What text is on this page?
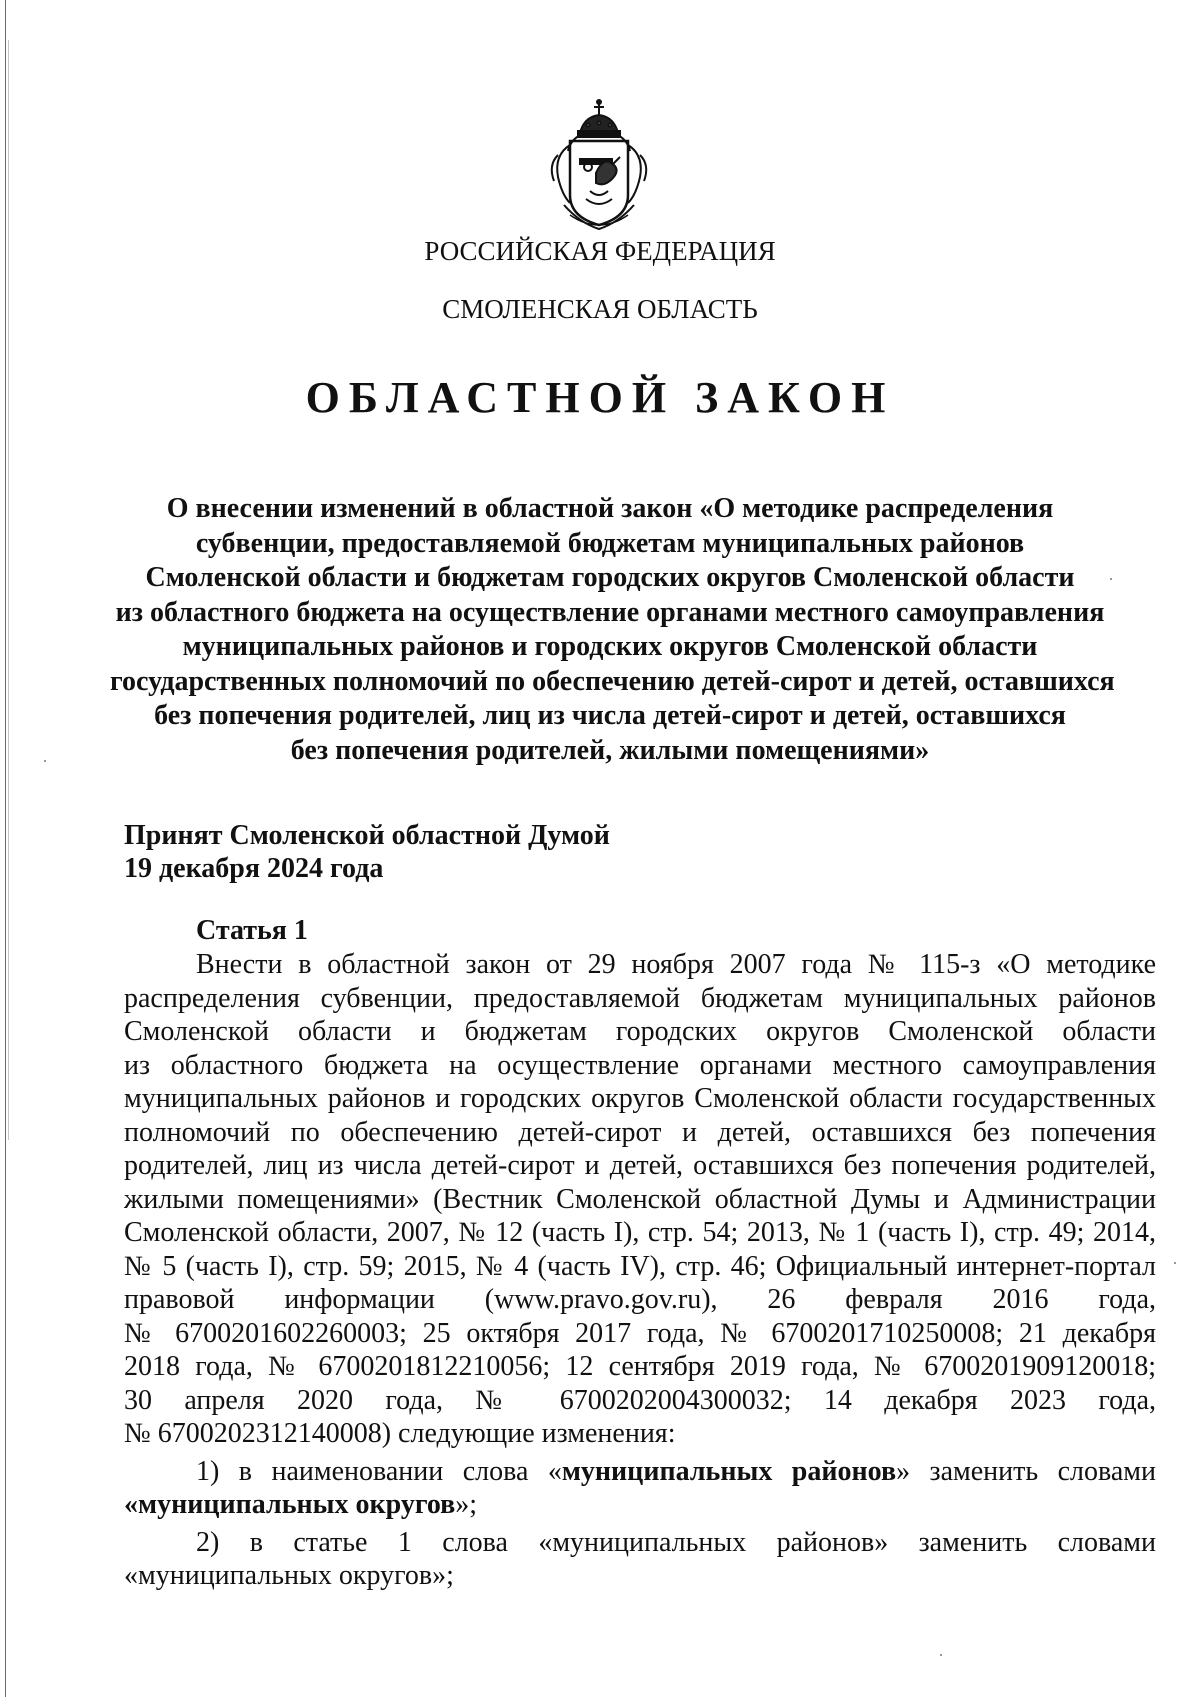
РОССИЙСКАЯ ФЕДЕРАЦИЯ
СМОЛЕНСКАЯ ОБЛАСТЬ
ОБЛАСТНОЙ ЗАКОН
О внесении изменений в областной закон «О методике распределения
субвенции, предоставляемой бюджетам муниципальных районов
Смоленской области и бюджетам городских округов Смоленской области
из областного бюджета на осуществление органами местного самоуправления
муниципальных районов и городских округов Смоленской области
государственных полномочий по обеспечению детей-сирот и детей, оставшихся
без попечения родителей, лиц из числа детей-сирот и детей, оставшихся
без попечения родителей, жилыми помещениями»
Принят Смоленской областной Думой
19 декабря 2024 года
Статья 1
Внести в областной закон от 29 ноября 2007 года № 115-з «О методике
распределения субвенции, предоставляемой бюджетам муниципальных районов
Смоленской области и бюджетам городских округов Смоленской области
из областного бюджета на осуществление органами местного самоуправления
муниципальных районов и городских округов Смоленской области государственных
полномочий по обеспечению детей-сирот и детей, оставшихся без попечения
родителей, лиц из числа детей-сирот и детей, оставшихся без попечения родителей,
жилыми помещениями» (Вестник Смоленской областной Думы и Администрации
Смоленской области, 2007, № 12 (часть I), стр. 54; 2013, № 1 (часть I), стр. 49; 2014,
№ 5 (часть I), стр. 59; 2015, № 4 (часть IV), стр. 46; Официальный интернет-портал
правовой информации (www.pravo.gov.ru), 26 февраля 2016 года,
№ 6700201602260003; 25 октября 2017 года, № 6700201710250008; 21 декабря
2018 года, № 6700201812210056; 12 сентября 2019 года, № 6700201909120018;
30 апреля 2020 года, № 6700202004300032; 14 декабря 2023 года,
№ 6700202312140008) следующие изменения:
1) в наименовании слова «муниципальных районов» заменить словами
«муниципальных округов»;
2) в статье 1 слова «муниципальных районов» заменить словами
«муниципальных округов»;
